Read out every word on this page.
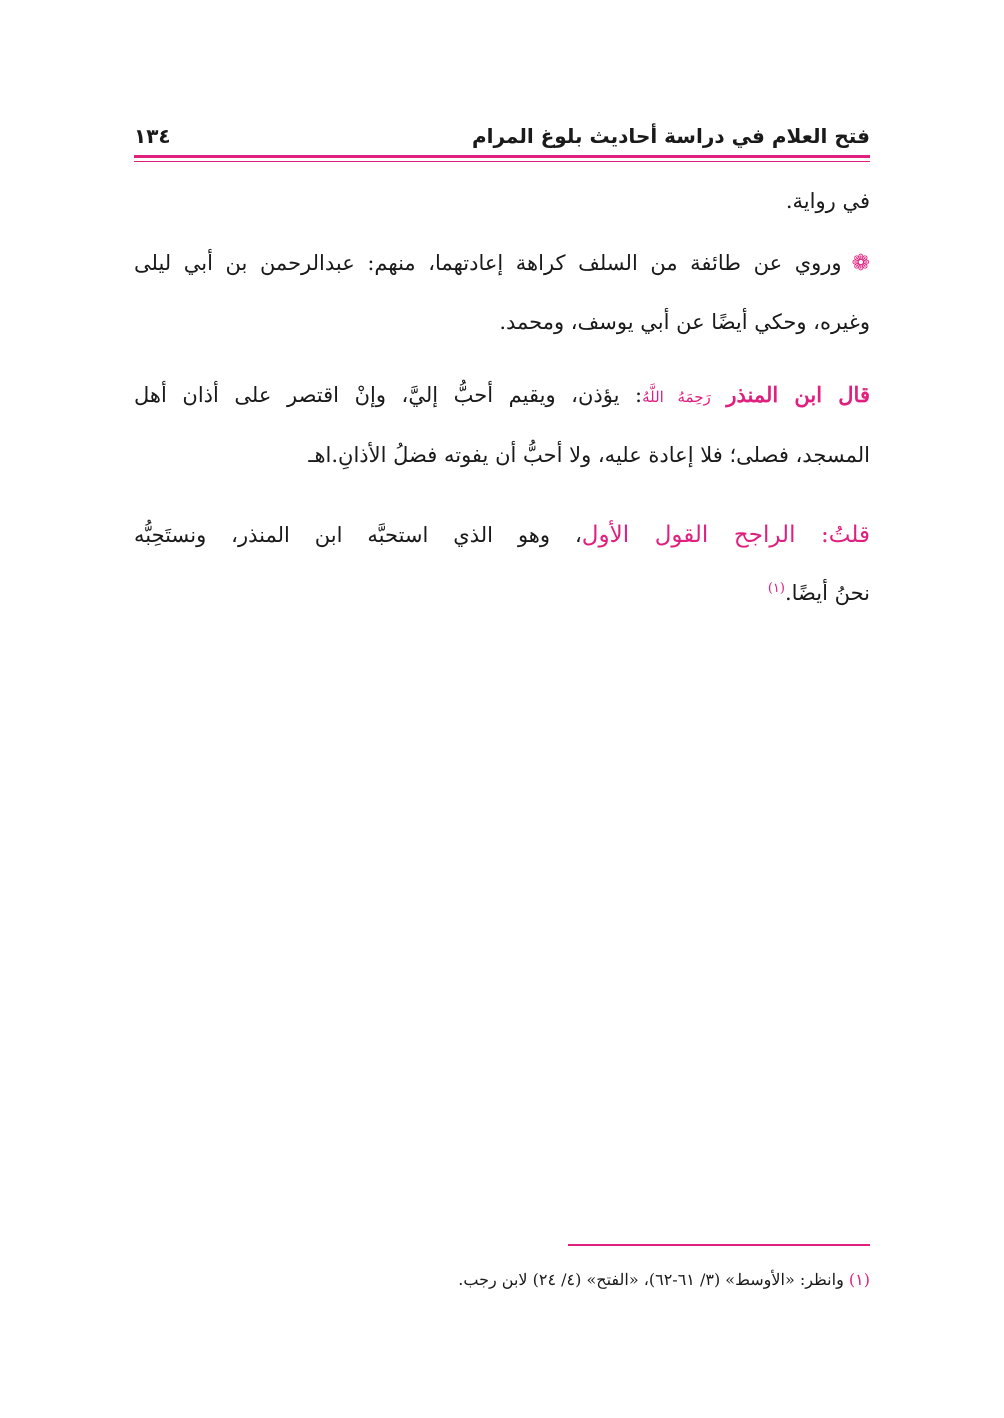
فتح العلام في دراسة أحاديث بلوغ المرام
١٣٤
في رواية.
❁وروي عن طائفة من السلف كراهة إعادتهما، منهم: عبدالرحمن بن أبي ليلى
وغيره، وحكي أيضًا عن أبي يوسف، ومحمد.
قال ابن المنذر رَحِمَهُ اللَّهُ: يؤذن، ويقيم أحبُّ إليَّ، وإنْ اقتصر على أذان أهل
المسجد، فصلى؛ فلا إعادة عليه، ولا أحبُّ أن يفوته فضلُ الأذانِ.اهـ
قلتُ: الراجح القول الأول، وهو الذي استحبَّه ابن المنذر، ونستَحِبُّه
نحنُ أيضًا.$^{(١)}$
(١) وانظر: «الأوسط» (٣/ ٦١-٦٢)، «الفتح» (٤/ ٢٤) لابن رجب.
